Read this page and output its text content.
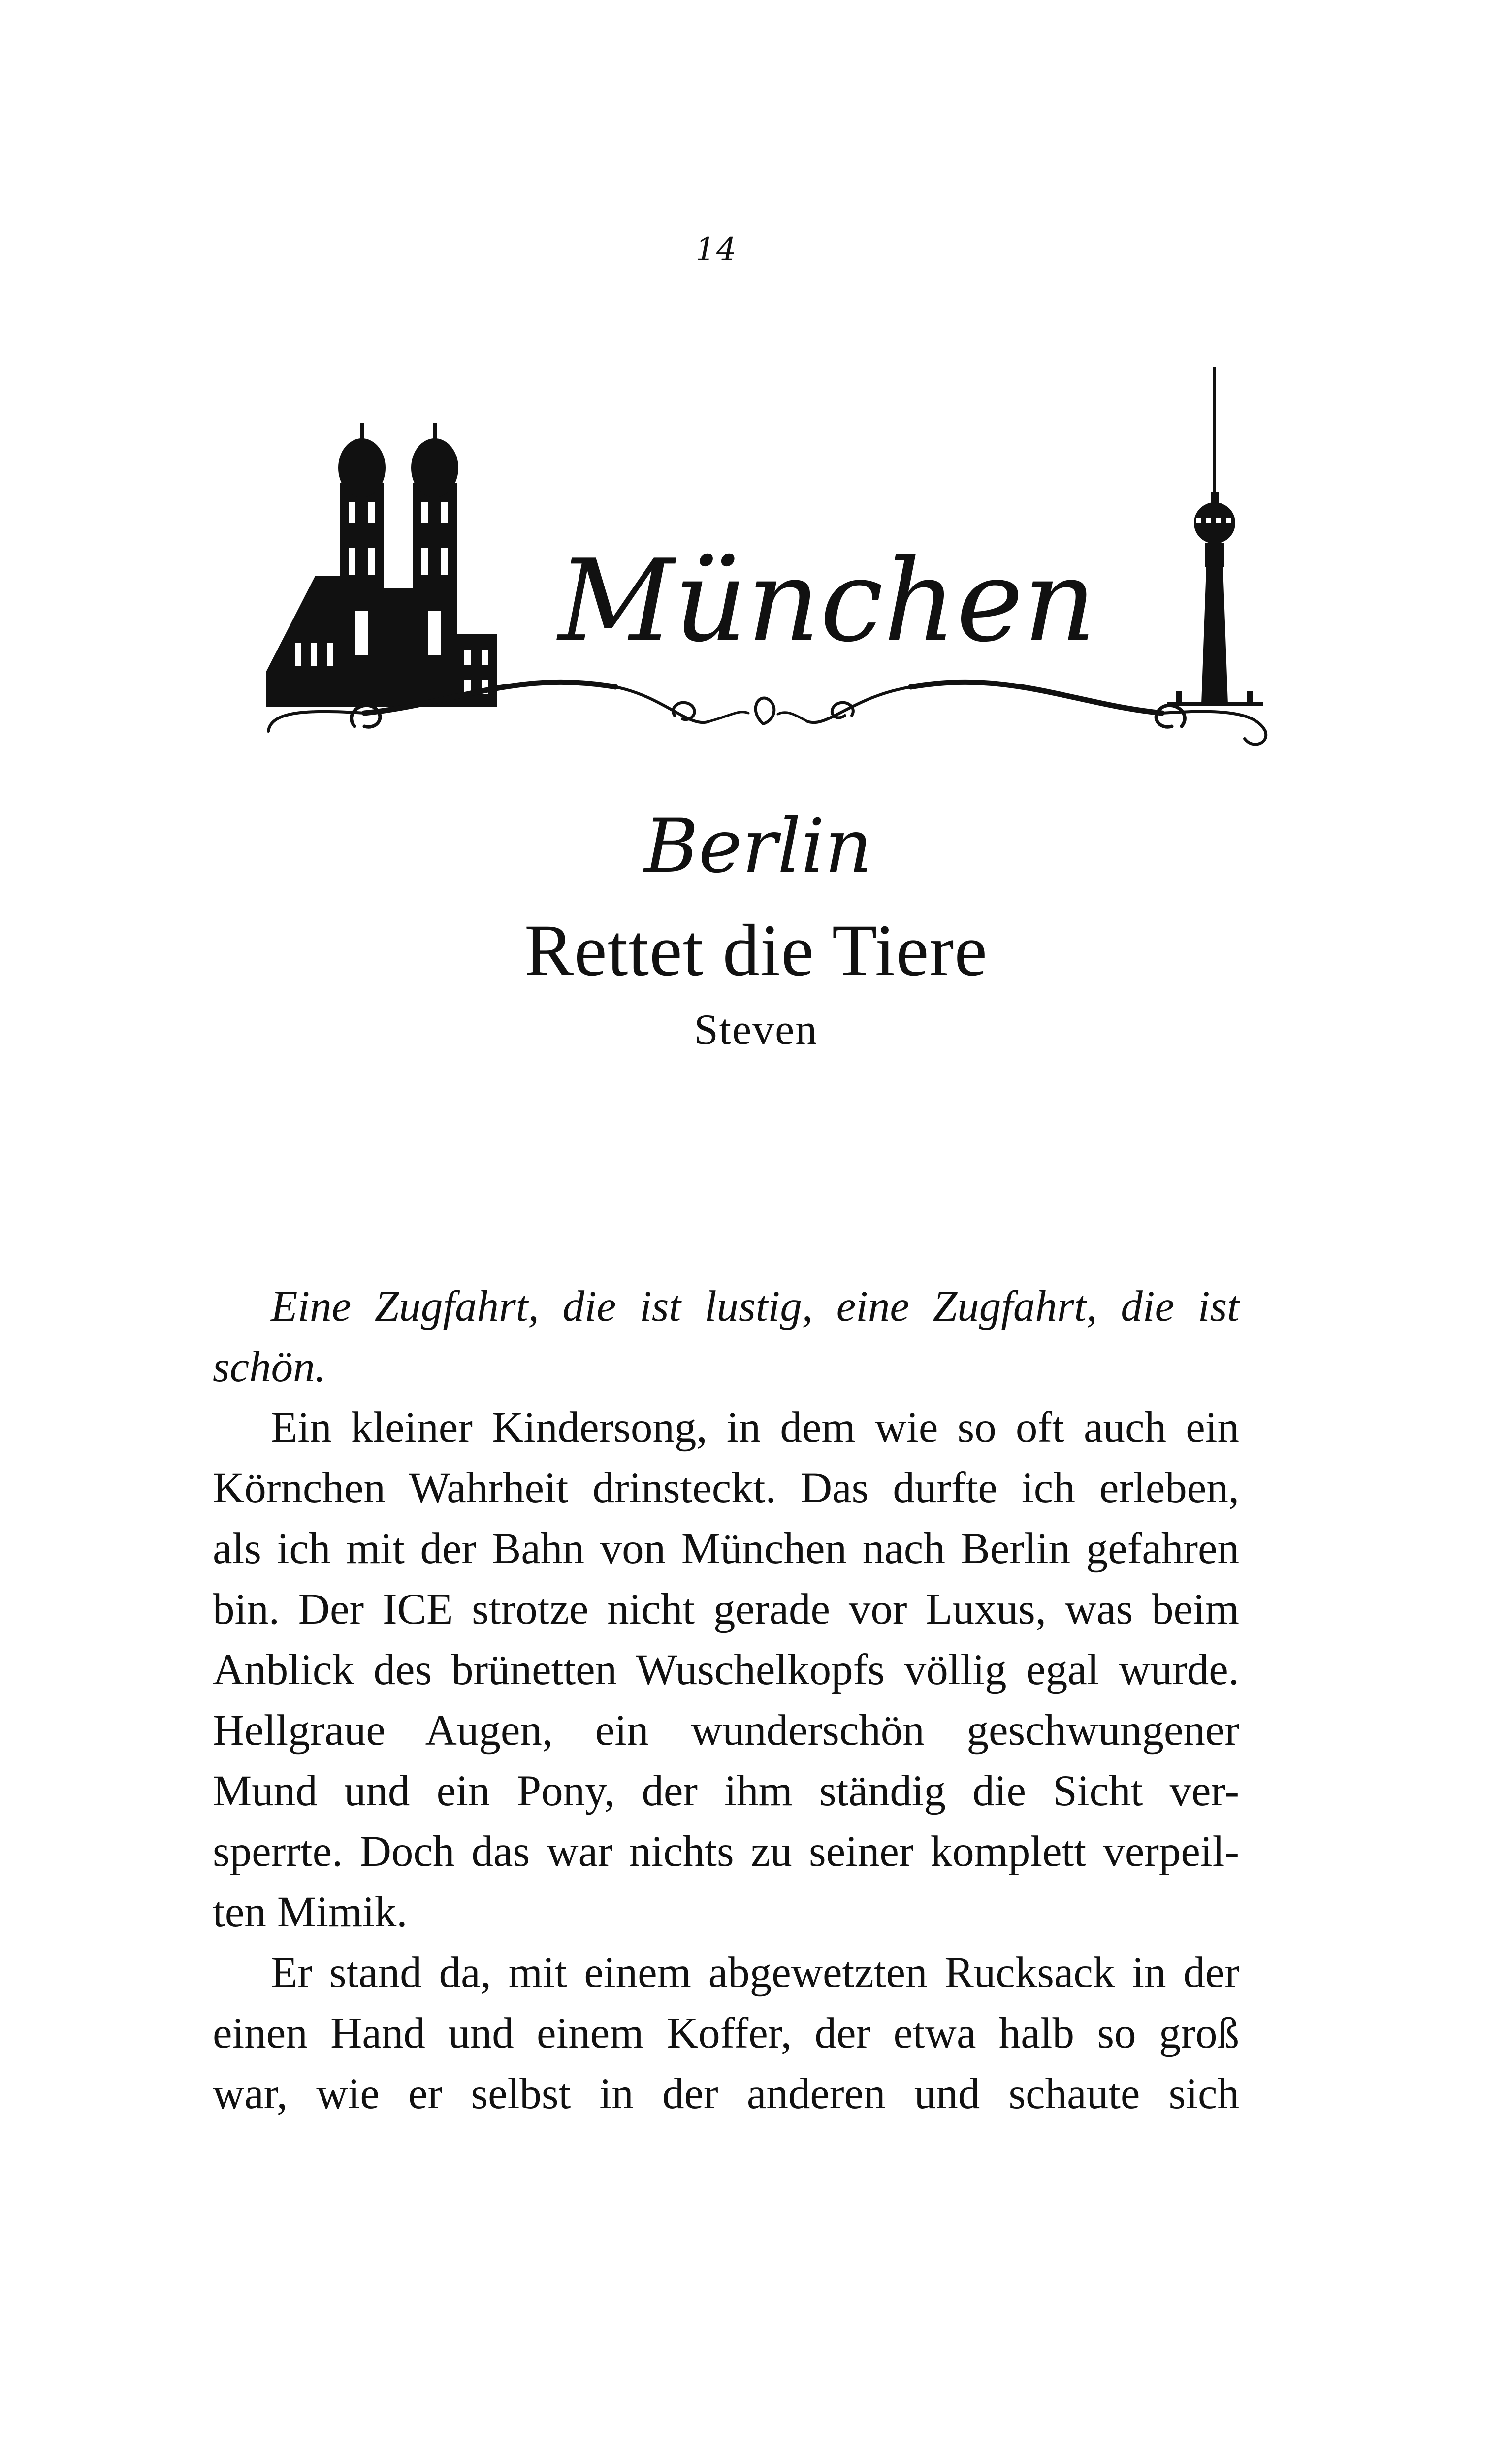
14
München
Berlin
Rettet die Tiere
Steven
Eine Zugfahrt, die ist lustig, eine Zugfahrt, die ist
schön.
Ein kleiner Kindersong, in dem wie so oft auch ein
Körnchen Wahrheit drinsteckt. Das durfte ich erleben,
als ich mit der Bahn von München nach Berlin gefahren
bin. Der ICE strotze nicht gerade vor Luxus, was beim
Anblick des brünetten Wuschelkopfs völlig egal wurde.
Hellgraue Augen, ein wunderschön geschwungener
Mund und ein Pony, der ihm ständig die Sicht ver-
sperrte. Doch das war nichts zu seiner komplett verpeil-
ten Mimik.
Er stand da, mit einem abgewetzten Rucksack in der
einen Hand und einem Koffer, der etwa halb so groß
war, wie er selbst in der anderen und schaute sich
